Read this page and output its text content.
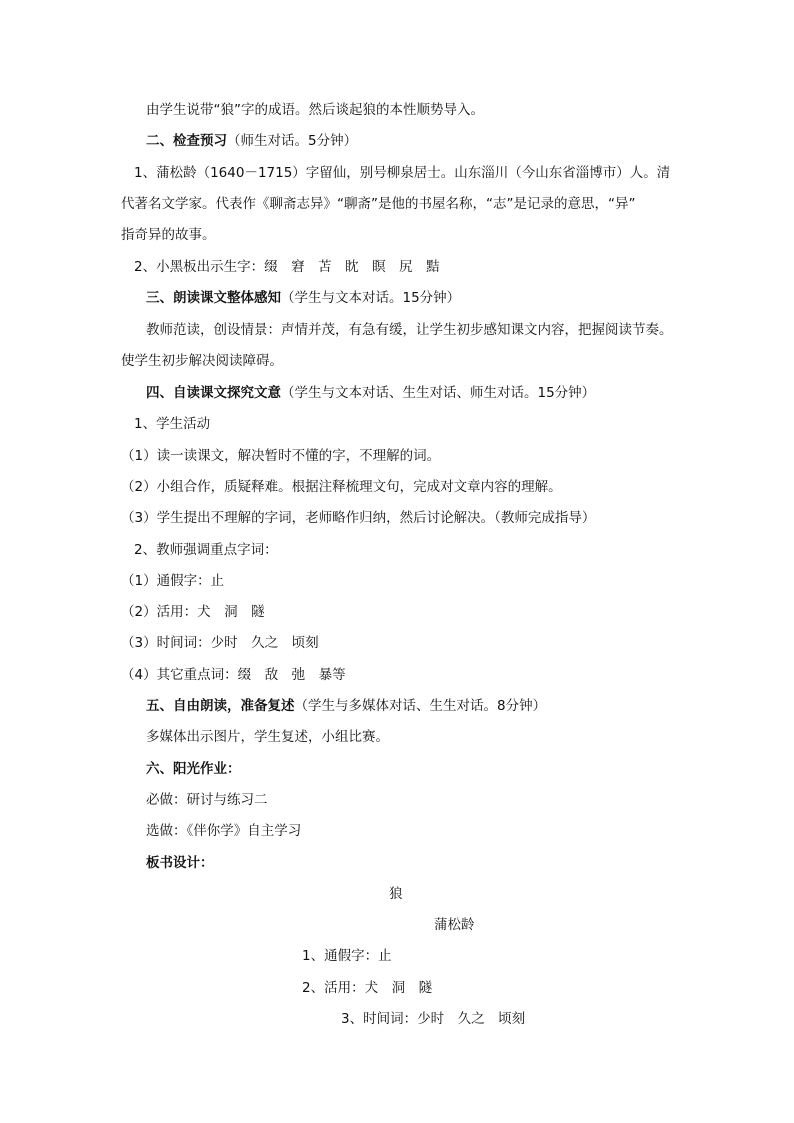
由学生说带“狼”字的成语。然后谈起狼的本性顺势导入。
二、检查预习（师生对话。5分钟）
1、蒲松龄（1640－1715）字留仙，别号柳泉居士。山东淄川（今山东省淄博市）人。清
代著名文学家。代表作《聊斋志异》“聊斋”是他的书屋名称，“志”是记录的意思，“异”
指奇异的故事。
2、小黑板出示生字：缀　窘　苫　眈　瞑　尻　黠
三、朗读课文整体感知（学生与文本对话。15分钟）
教师范读，创设情景：声情并茂，有急有缓，让学生初步感知课文内容，把握阅读节奏。
使学生初步解决阅读障碍。
四、自读课文探究文意（学生与文本对话、生生对话、师生对话。15分钟）
1、学生活动
（1）读一读课文，解决暂时不懂的字，不理解的词。
（2）小组合作，质疑释难。根据注释梳理文句，完成对文章内容的理解。
（3）学生提出不理解的字词，老师略作归纳，然后讨论解决。（教师完成指导）
2、教师强调重点字词：
（1）通假字：止
（2）活用：犬　洞　隧
（3）时间词：少时　久之　顷刻
（4）其它重点词：缀　敌　弛　暴等
五、自由朗读，准备复述（学生与多媒体对话、生生对话。8分钟）
多媒体出示图片，学生复述，小组比赛。
六、阳光作业：
必做：研讨与练习二
选做：《伴你学》自主学习
板书设计：
狼
蒲松龄
1、通假字：止
2、活用：犬　洞　隧
3、时间词：少时　久之　顷刻
